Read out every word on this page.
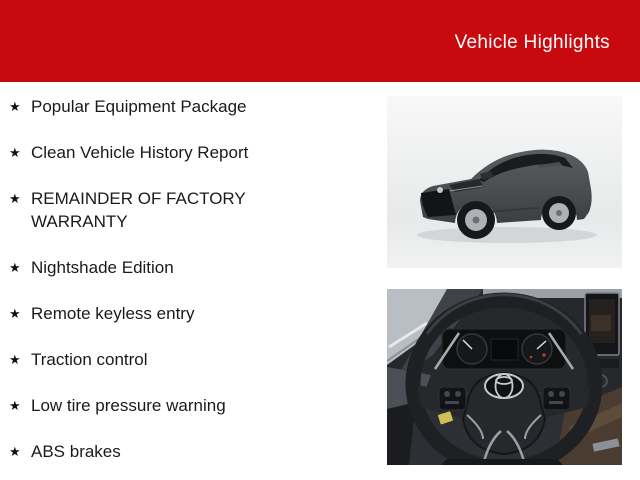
Vehicle Highlights
★ Popular Equipment Package
★ Clean Vehicle History Report
★ REMAINDER OF FACTORY WARRANTY
★ Nightshade Edition
★ Remote keyless entry
★ Traction control
★ Low tire pressure warning
★ ABS brakes
